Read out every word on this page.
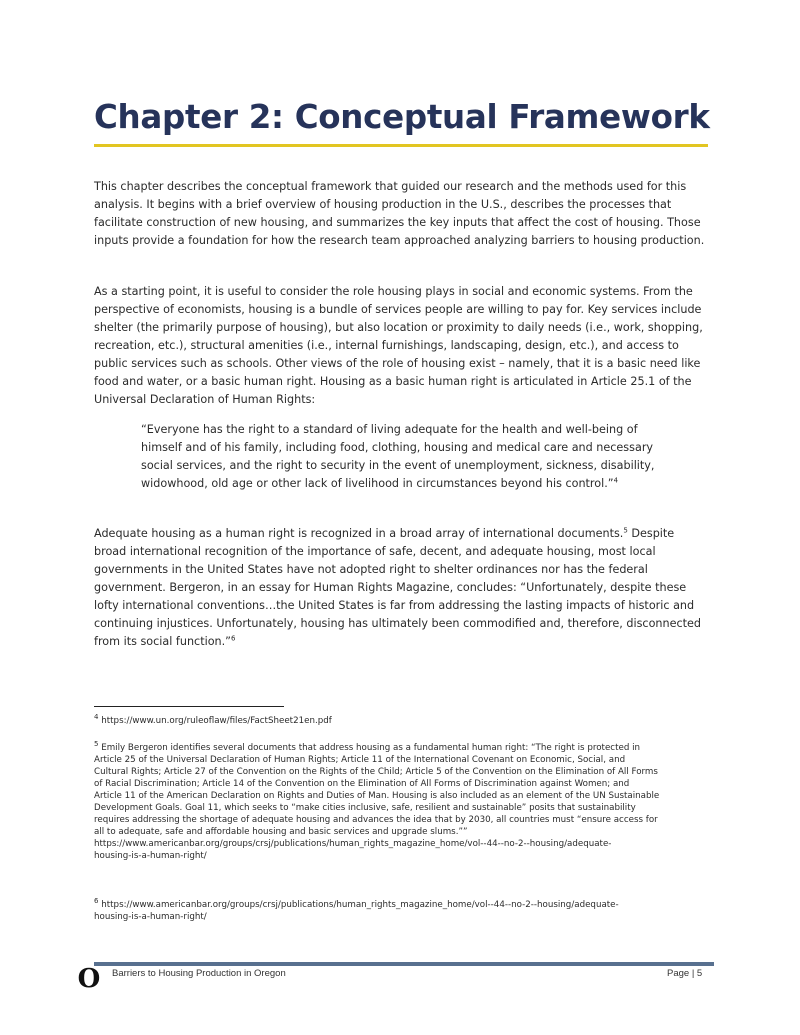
Chapter 2: Conceptual Framework

This chapter describes the conceptual framework that guided our research and the methods used for this analysis. It begins with a brief overview of housing production in the U.S., describes the processes that facilitate construction of new housing, and summarizes the key inputs that affect the cost of housing. Those inputs provide a foundation for how the research team approached analyzing barriers to housing production.

As a starting point, it is useful to consider the role housing plays in social and economic systems. From the perspective of economists, housing is a bundle of services people are willing to pay for. Key services include shelter (the primarily purpose of housing), but also location or proximity to daily needs (i.e., work, shopping, recreation, etc.), structural amenities (i.e., internal furnishings, landscaping, design, etc.), and access to public services such as schools. Other views of the role of housing exist – namely, that it is a basic need like food and water, or a basic human right. Housing as a basic human right is articulated in Article 25.1 of the Universal Declaration of Human Rights:

“Everyone has the right to a standard of living adequate for the health and well-being of himself and of his family, including food, clothing, housing and medical care and necessary social services, and the right to security in the event of unemployment, sickness, disability, widowhood, old age or other lack of livelihood in circumstances beyond his control.”$^4$

Adequate housing as a human right is recognized in a broad array of international documents.$^5$ Despite broad international recognition of the importance of safe, decent, and adequate housing, most local governments in the United States have not adopted right to shelter ordinances nor has the federal government. Bergeron, in an essay for Human Rights Magazine, concludes: “Unfortunately, despite these lofty international conventions…the United States is far from addressing the lasting impacts of historic and continuing injustices. Unfortunately, housing has ultimately been commodified and, therefore, disconnected from its social function.”$^6$

$^4$ https://www.un.org/ruleoflaw/files/FactSheet21en.pdf

$^5$ Emily Bergeron identifies several documents that address housing as a fundamental human right: “The right is protected in
Article 25 of the Universal Declaration of Human Rights; Article 11 of the International Covenant on Economic, Social, and
Cultural Rights; Article 27 of the Convention on the Rights of the Child; Article 5 of the Convention on the Elimination of All Forms
of Racial Discrimination; Article 14 of the Convention on the Elimination of All Forms of Discrimination against Women; and
Article 11 of the American Declaration on Rights and Duties of Man. Housing is also included as an element of the UN Sustainable
Development Goals. Goal 11, which seeks to “make cities inclusive, safe, resilient and sustainable” posits that sustainability
requires addressing the shortage of adequate housing and advances the idea that by 2030, all countries must “ensure access for
all to adequate, safe and affordable housing and basic services and upgrade slums.””
https://www.americanbar.org/groups/crsj/publications/human_rights_magazine_home/vol--44--no-2--housing/adequate-
housing-is-a-human-right/

$^6$ https://www.americanbar.org/groups/crsj/publications/human_rights_magazine_home/vol--44--no-2--housing/adequate-
housing-is-a-human-right/

O Barriers to Housing Production in Oregon	Page | 5
